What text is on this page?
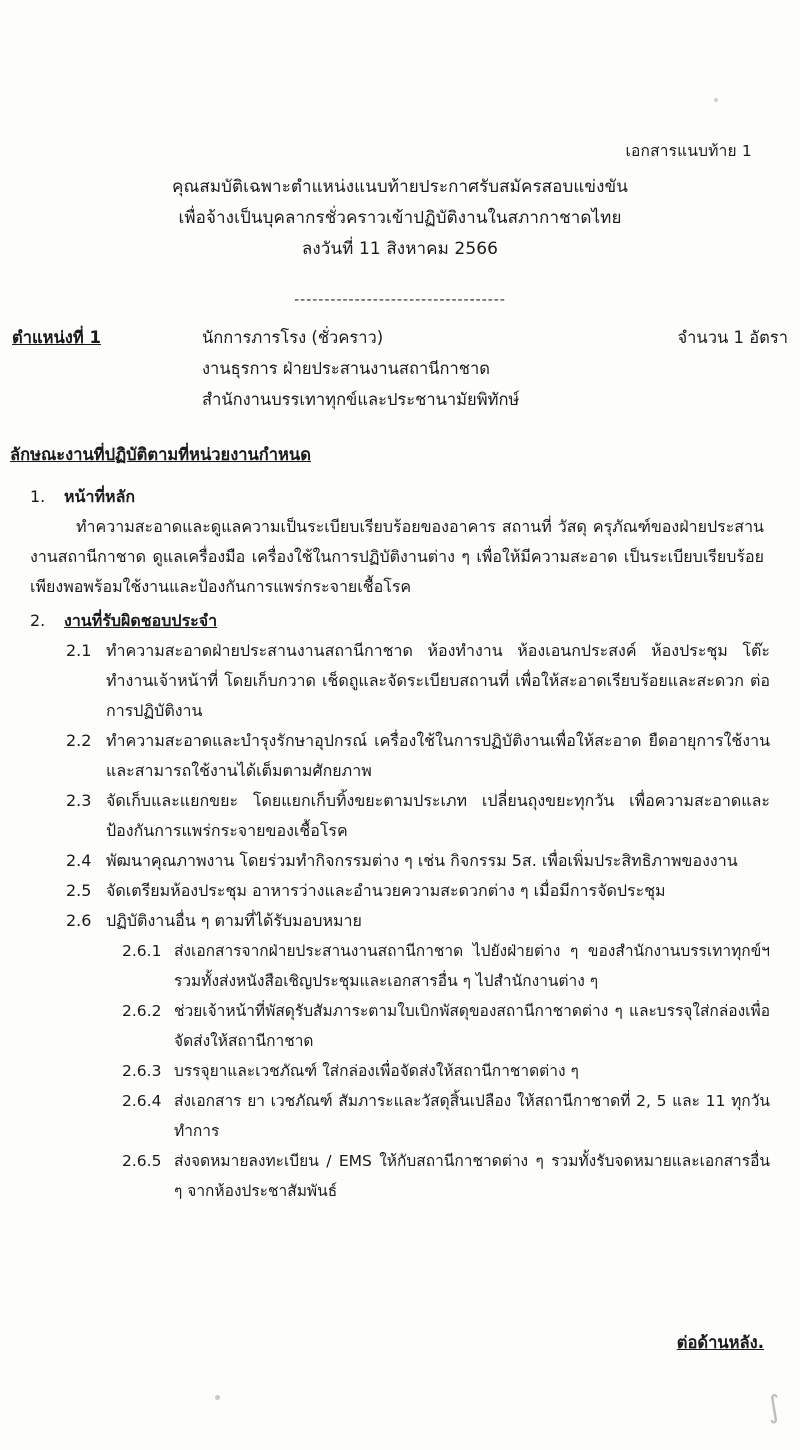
เอกสารแนบท้าย 1
คุณสมบัติเฉพาะตำแหน่งแนบท้ายประกาศรับสมัครสอบแข่งขัน
เพื่อจ้างเป็นบุคลากรชั่วคราวเข้าปฏิบัติงานในสภากาชาดไทย
ลงวันที่ 11 สิงหาคม 2566
-----------------------------------
ตำแหน่งที่ 1	นักการภารโรง (ชั่วคราว)	จำนวน 1 อัตรา
งานธุรการ ฝ่ายประสานงานสถานีกาชาด
สำนักงานบรรเทาทุกข์และประชานามัยพิทักษ์
ลักษณะงานที่ปฏิบัติตามที่หน่วยงานกำหนด
1. หน้าที่หลัก
ทำความสะอาดและดูแลความเป็นระเบียบเรียบร้อยของอาคาร สถานที่ วัสดุ ครุภัณฑ์ของฝ่ายประสานงานสถานีกาชาด ดูแลเครื่องมือ เครื่องใช้ในการปฏิบัติงานต่าง ๆ เพื่อให้มีความสะอาด เป็นระเบียบเรียบร้อย เพียงพอพร้อมใช้งานและป้องกันการแพร่กระจายเชื้อโรค
2. งานที่รับผิดชอบประจำ
2.1 ทำความสะอาดฝ่ายประสานงานสถานีกาชาด ห้องทำงาน ห้องเอนกประสงค์ ห้องประชุม โต๊ะทำงานเจ้าหน้าที่ โดยเก็บกวาด เช็ดถูและจัดระเบียบสถานที่ เพื่อให้สะอาดเรียบร้อยและสะดวก ต่อการปฏิบัติงาน
2.2 ทำความสะอาดและบำรุงรักษาอุปกรณ์ เครื่องใช้ในการปฏิบัติงานเพื่อให้สะอาด ยืดอายุการใช้งาน และสามารถใช้งานได้เต็มตามศักยภาพ
2.3 จัดเก็บและแยกขยะ โดยแยกเก็บทิ้งขยะตามประเภท เปลี่ยนถุงขยะทุกวัน เพื่อความสะอาดและป้องกันการแพร่กระจายของเชื้อโรค
2.4 พัฒนาคุณภาพงาน โดยร่วมทำกิจกรรมต่าง ๆ เช่น กิจกรรม 5ส. เพื่อเพิ่มประสิทธิภาพของงาน
2.5 จัดเตรียมห้องประชุม อาหารว่างและอำนวยความสะดวกต่าง ๆ เมื่อมีการจัดประชุม
2.6 ปฏิบัติงานอื่น ๆ ตามที่ได้รับมอบหมาย
2.6.1 ส่งเอกสารจากฝ่ายประสานงานสถานีกาชาด ไปยังฝ่ายต่าง ๆ ของสำนักงานบรรเทาทุกข์ฯ รวมทั้งส่งหนังสือเชิญประชุมและเอกสารอื่น ๆ ไปสำนักงานต่าง ๆ
2.6.2 ช่วยเจ้าหน้าที่พัสดุรับสัมภาระตามใบเบิกพัสดุของสถานีกาชาดต่าง ๆ และบรรจุใส่กล่องเพื่อจัดส่งให้สถานีกาชาด
2.6.3 บรรจุยาและเวชภัณฑ์ ใส่กล่องเพื่อจัดส่งให้สถานีกาชาดต่าง ๆ
2.6.4 ส่งเอกสาร ยา เวชภัณฑ์ สัมภาระและวัสดุสิ้นเปลือง ให้สถานีกาชาดที่ 2, 5 และ 11 ทุกวันทำการ
2.6.5 ส่งจดหมายลงทะเบียน / EMS ให้กับสถานีกาชาดต่าง ๆ รวมทั้งรับจดหมายและเอกสารอื่น ๆ จากห้องประชาสัมพันธ์
ต่อด้านหลัง.
∫
